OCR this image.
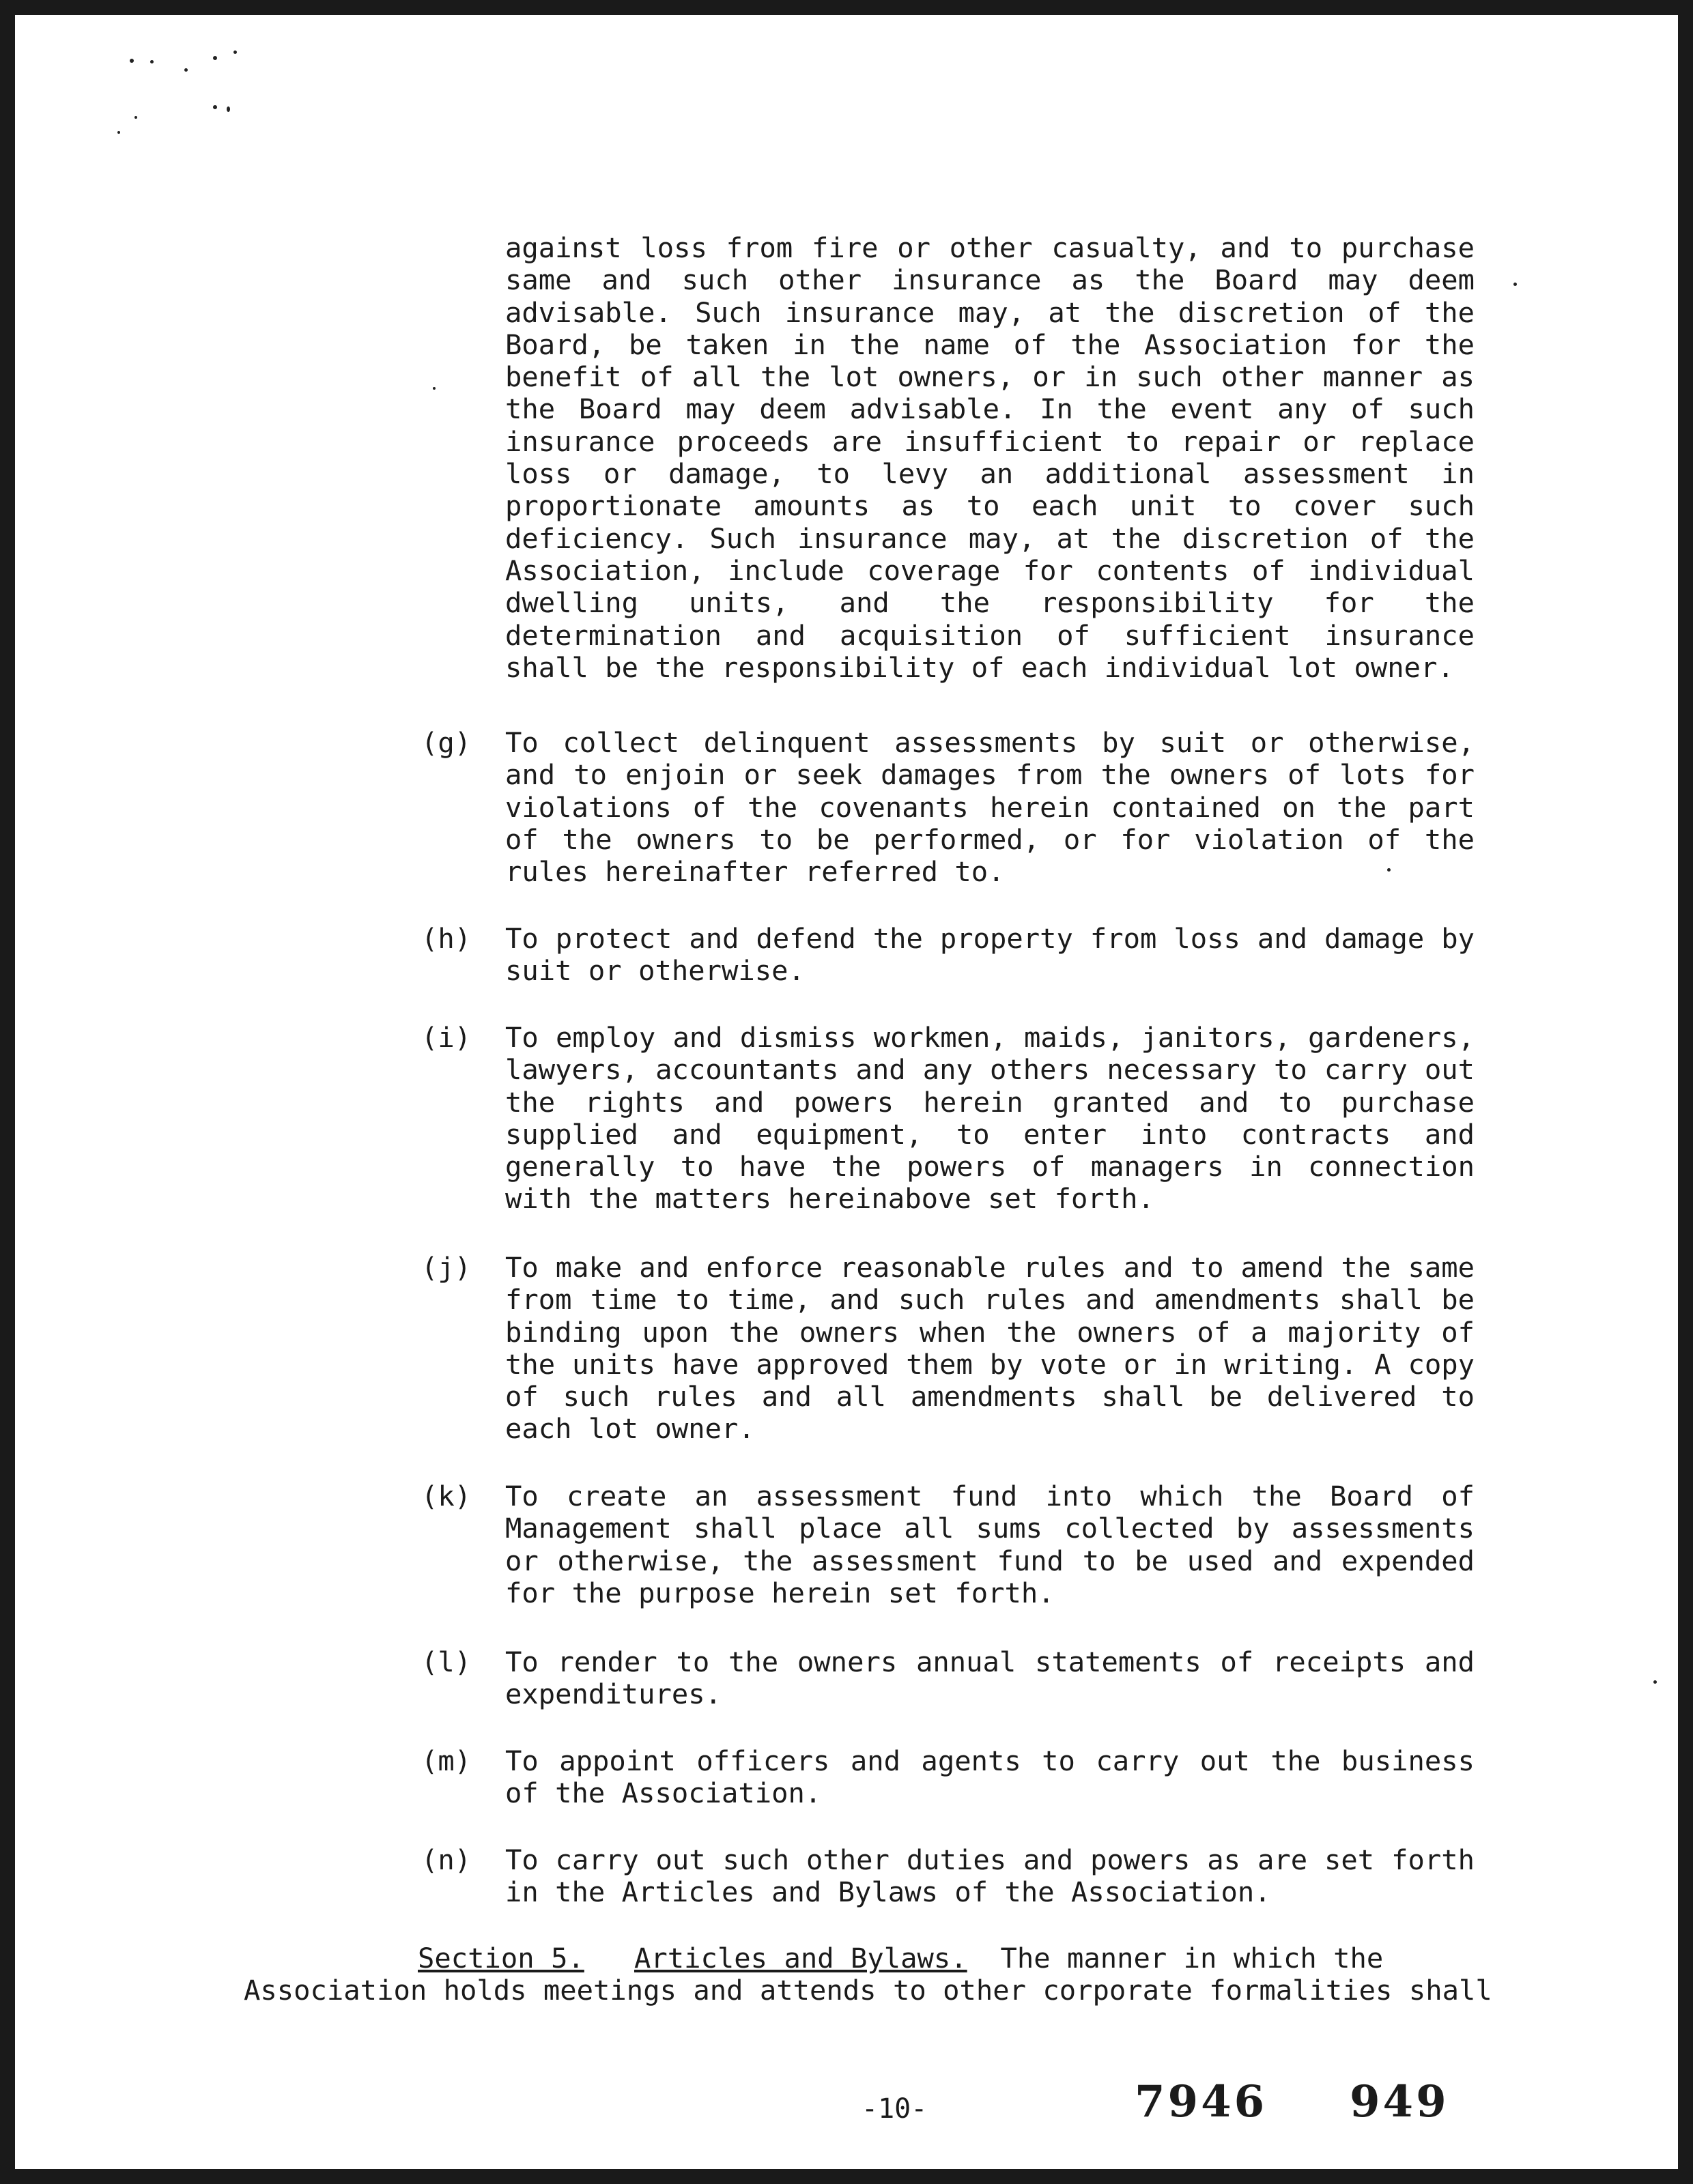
against loss from fire or other casualty, and to purchase same and such other insurance as the Board may deem advisable. Such insurance may, at the discretion of the Board, be taken in the name of the Association for the benefit of all the lot owners, or in such other manner as the Board may deem advisable. In the event any of such insurance proceeds are insufficient to repair or replace loss or damage, to levy an additional assessment in proportionate amounts as to each unit to cover such deficiency. Such insurance may, at the discretion of the Association, include coverage for contents of individual dwelling units, and the responsibility for the determination and acquisition of sufficient insurance shall be the responsibility of each individual lot owner.

(g)	To collect delinquent assessments by suit or otherwise, and to enjoin or seek damages from the owners of lots for violations of the covenants herein contained on the part of the owners to be performed, or for violation of the rules hereinafter referred to.
(h)	To protect and defend the property from loss and damage by suit or otherwise.
(i)	To employ and dismiss workmen, maids, janitors, gardeners, lawyers, accountants and any others necessary to carry out the rights and powers herein granted and to purchase supplied and equipment, to enter into contracts and generally to have the powers of managers in connection with the matters hereinabove set forth.
(j)	To make and enforce reasonable rules and to amend the same from time to time, and such rules and amendments shall be binding upon the owners when the owners of a majority of the units have approved them by vote or in writing. A copy of such rules and all amendments shall be delivered to each lot owner.
(k)	To create an assessment fund into which the Board of Management shall place all sums collected by assessments or otherwise, the assessment fund to be used and expended for the purpose herein set forth.
(l)	To render to the owners annual statements of receipts and expenditures.
(m)	To appoint officers and agents to carry out the business of the Association.
(n)	To carry out such other duties and powers as are set forth in the Articles and Bylaws of the Association.
Section 5. Articles and Bylaws. The manner in which the
Association holds meetings and attends to other corporate formalities shall
-10-	7946 949
